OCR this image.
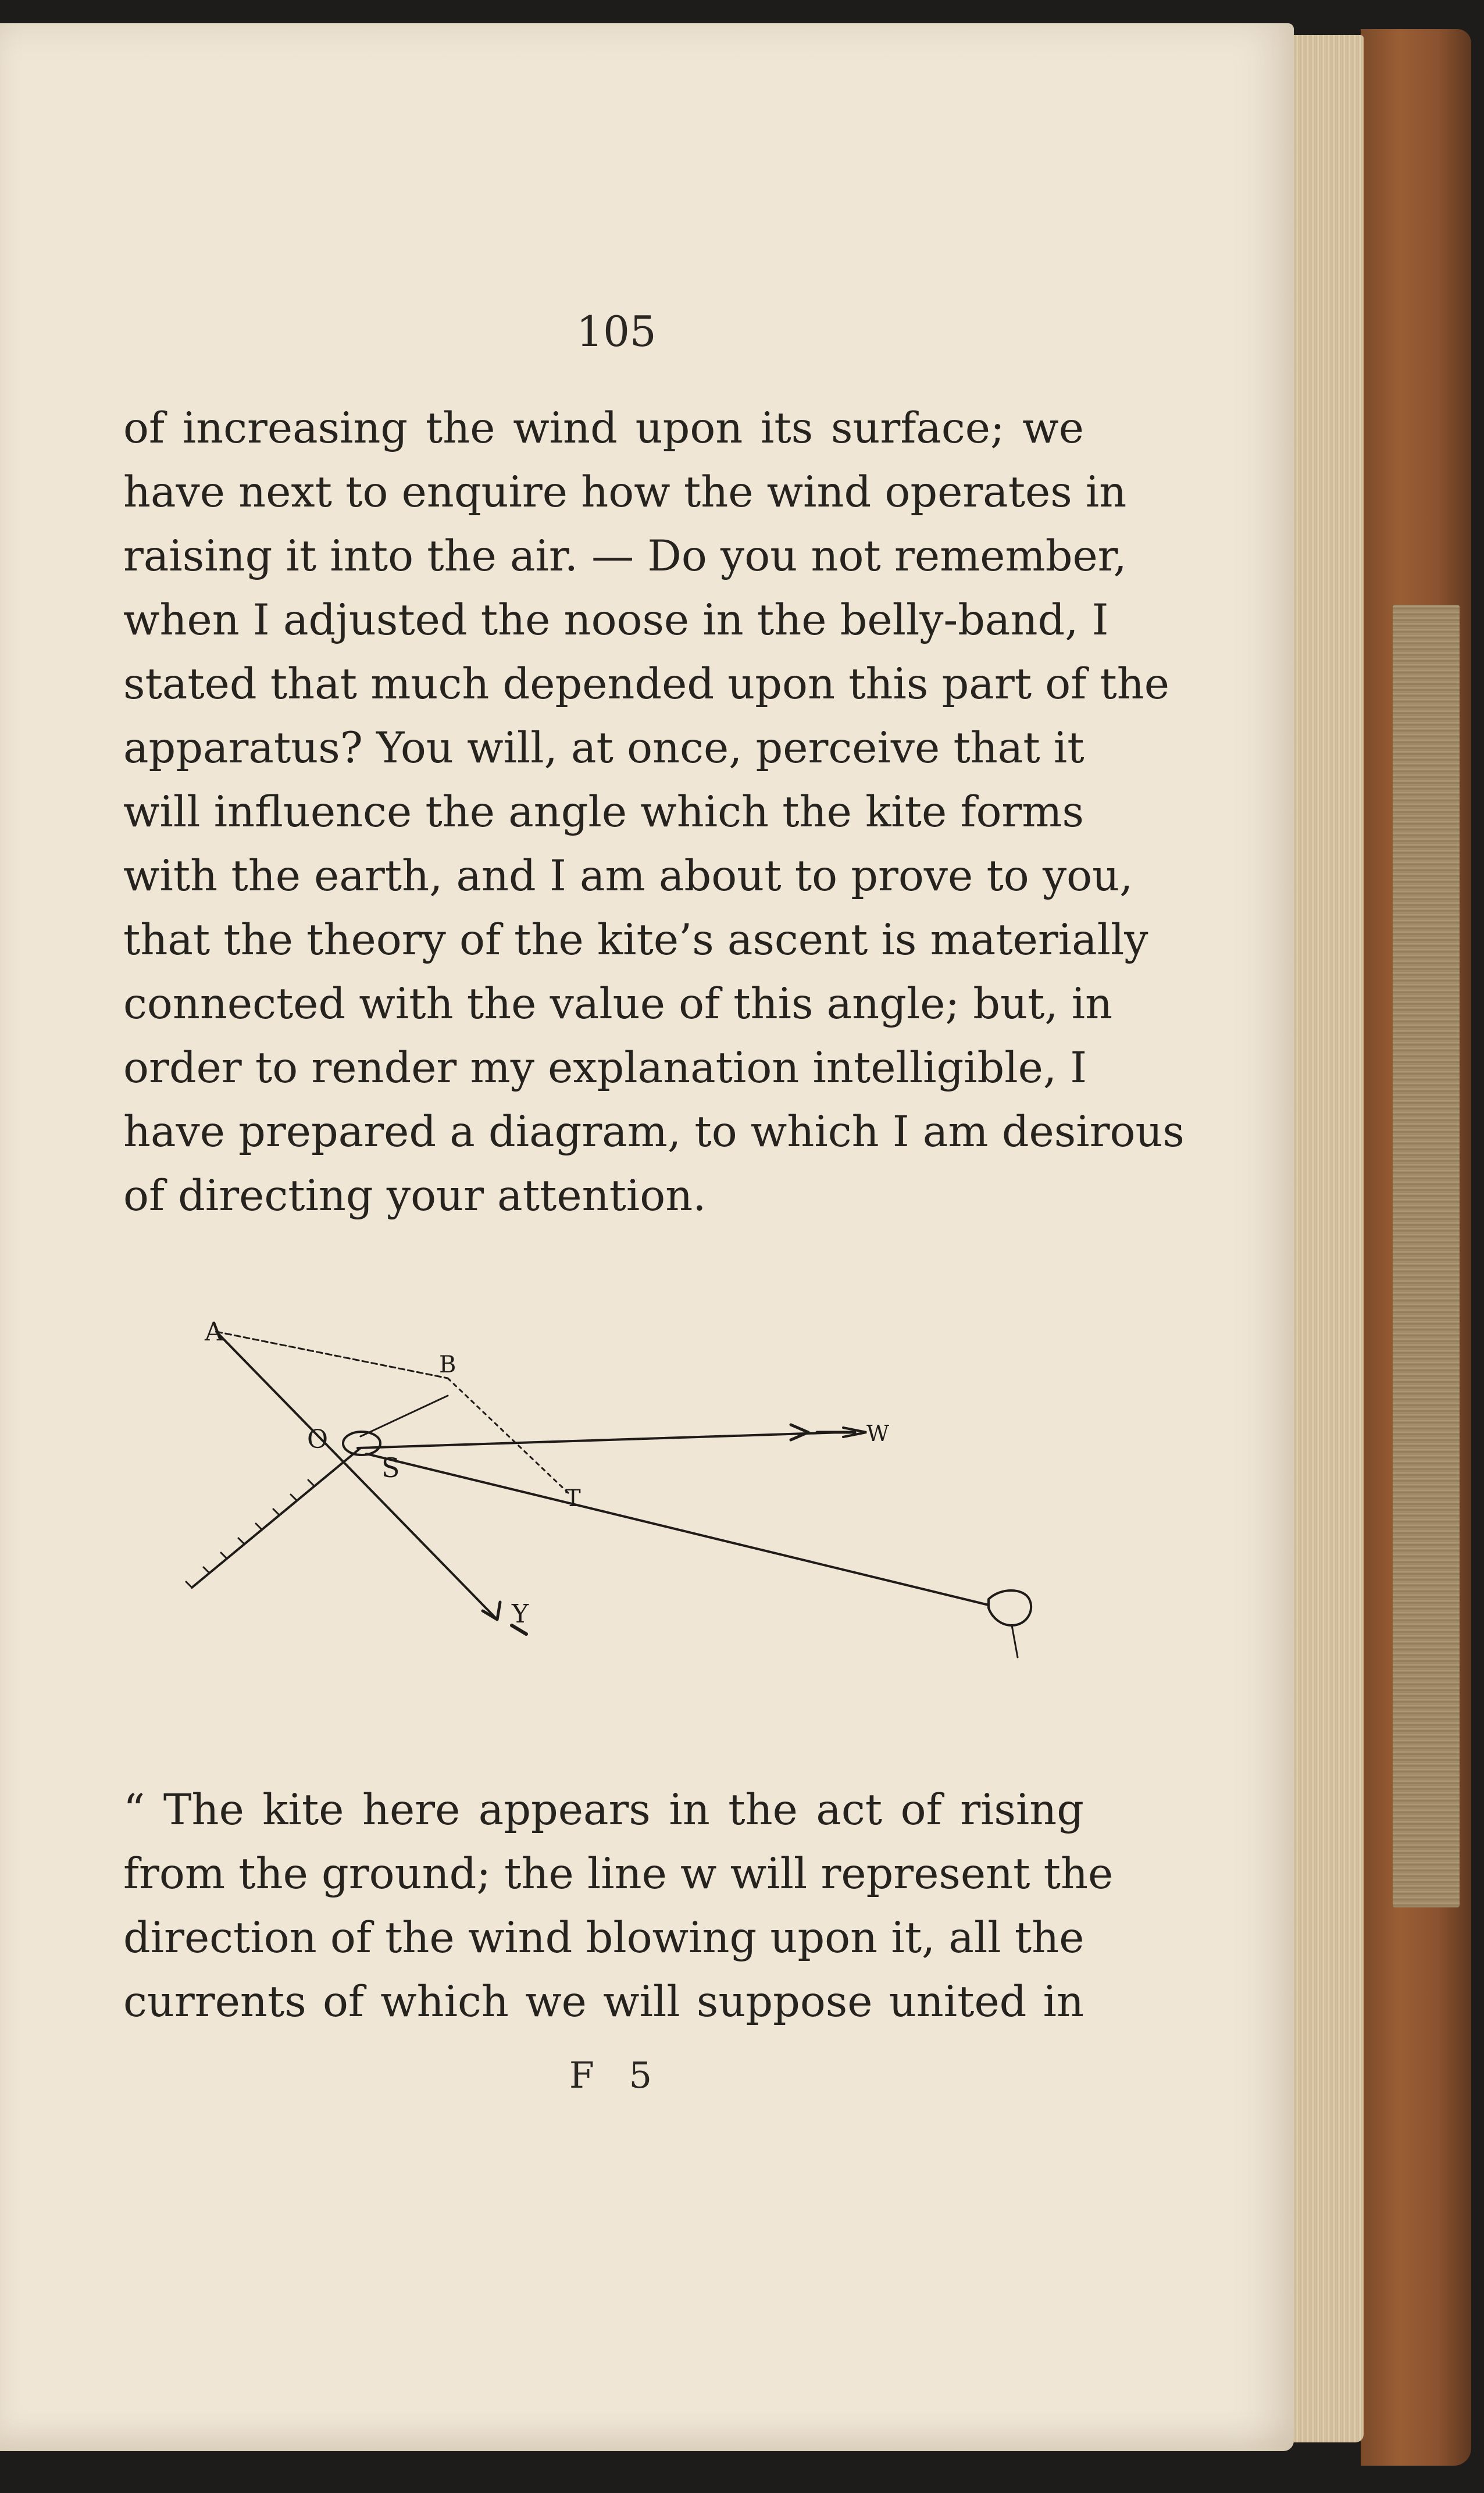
105

of increasing the wind upon its surface; we
have next to enquire how the wind operates in
raising it into the air. — Do you not remember,
when I adjusted the noose in the belly-band, I
stated that much depended upon this part of the
apparatus? You will, at once, perceive that it
will influence the angle which the kite forms
with the earth, and I am about to prove to you,
that the theory of the kite’s ascent is materially
connected with the value of this angle; but, in
order to render my explanation intelligible, I
have prepared a diagram, to which I am desirous
of directing your attention.

A
B
O
S
T
W
Y

“ The kite here appears in the act of rising
from the ground; the line w will represent the
direction of the wind blowing upon it, all the
currents of which we will suppose united in

F 5
